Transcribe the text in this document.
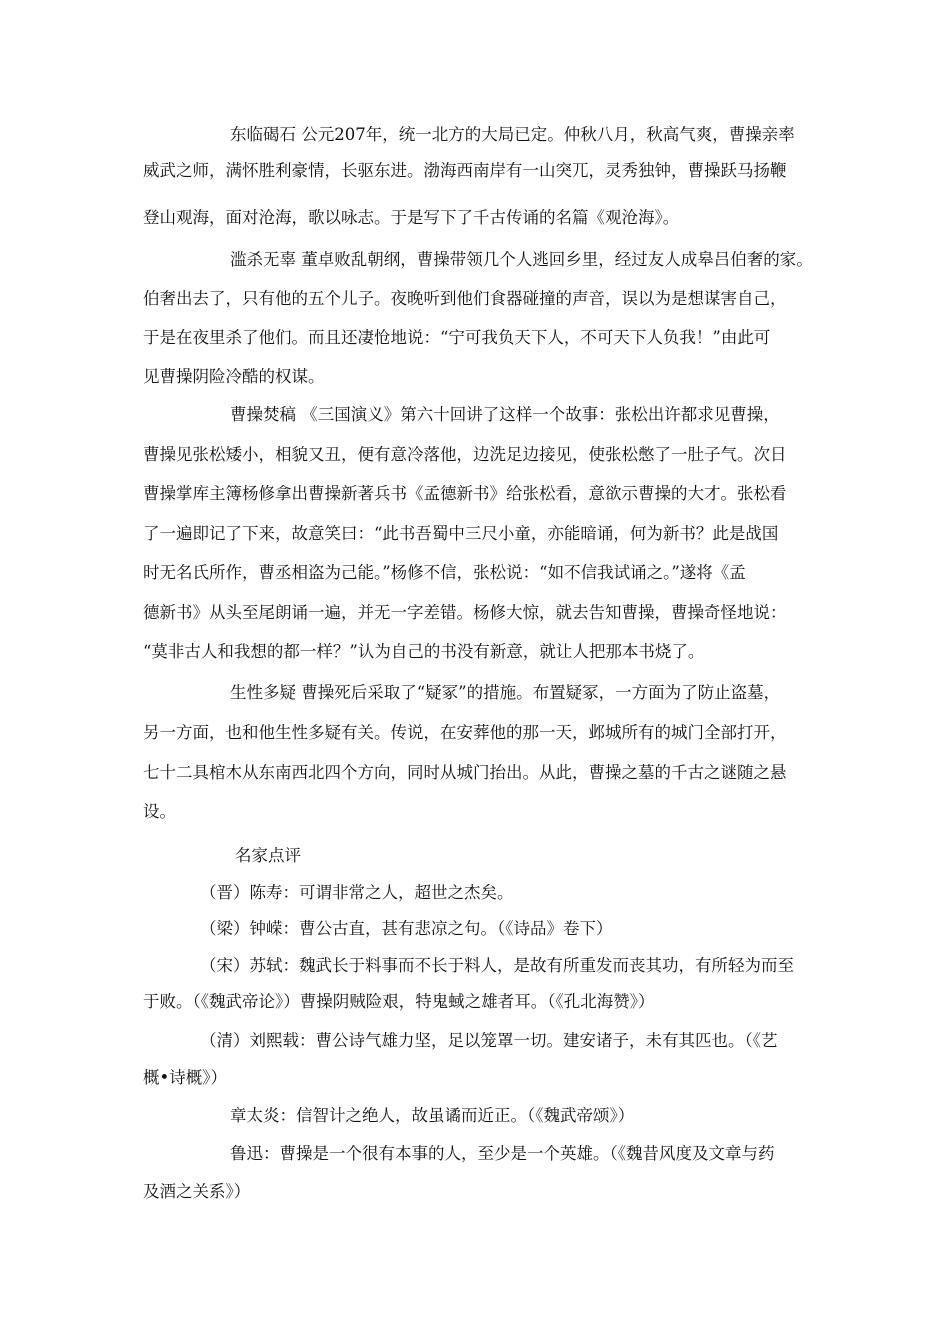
东临碣石 公元207年，统一北方的大局已定。仲秋八月，秋高气爽，曹操亲率
威武之师，满怀胜利豪情，长驱东进。渤海西南岸有一山突兀，灵秀独钟，曹操跃马扬鞭
登山观海，面对沧海，歌以咏志。于是写下了千古传诵的名篇《观沧海》。
滥杀无辜 董卓败乱朝纲，曹操带领几个人逃回乡里，经过友人成皋吕伯奢的家。
伯奢出去了，只有他的五个儿子。夜晚听到他们食器碰撞的声音，误以为是想谋害自己，
于是在夜里杀了他们。而且还凄怆地说：“宁可我负天下人，不可天下人负我！”由此可
见曹操阴险冷酷的权谋。
曹操焚稿 《三国演义》第六十回讲了这样一个故事：张松出许都求见曹操，
曹操见张松矮小，相貌又丑，便有意冷落他，边洗足边接见，使张松憋了一肚子气。次日
曹操掌库主簿杨修拿出曹操新著兵书《孟德新书》给张松看，意欲示曹操的大才。张松看
了一遍即记了下来，故意笑曰：“此书吾蜀中三尺小童，亦能暗诵，何为新书？此是战国
时无名氏所作，曹丞相盗为己能。”杨修不信，张松说：“如不信我试诵之。”遂将《孟
德新书》从头至尾朗诵一遍，并无一字差错。杨修大惊，就去告知曹操，曹操奇怪地说：
“莫非古人和我想的都一样？”认为自己的书没有新意，就让人把那本书烧了。
生性多疑 曹操死后采取了“疑冢”的措施。布置疑冢，一方面为了防止盗墓，
另一方面，也和他生性多疑有关。传说，在安葬他的那一天，邺城所有的城门全部打开，
七十二具棺木从东南西北四个方向，同时从城门抬出。从此，曹操之墓的千古之谜随之悬
设。
名家点评
（晋）陈寿：可谓非常之人，超世之杰矣。
（梁）钟嵘：曹公古直，甚有悲凉之句。（《诗品》卷下）
（宋）苏轼：魏武长于料事而不长于料人，是故有所重发而丧其功，有所轻为而至
于败。（《魏武帝论》）曹操阴贼险艰，特鬼蜮之雄者耳。（《孔北海赞》）
（清）刘熙载：曹公诗气雄力坚，足以笼罩一切。建安诸子，未有其匹也。（《艺
概•诗概》）
章太炎：信智计之绝人，故虽谲而近正。（《魏武帝颂》）
鲁迅：曹操是一个很有本事的人，至少是一个英雄。（《魏昔风度及文章与药
及酒之关系》）
